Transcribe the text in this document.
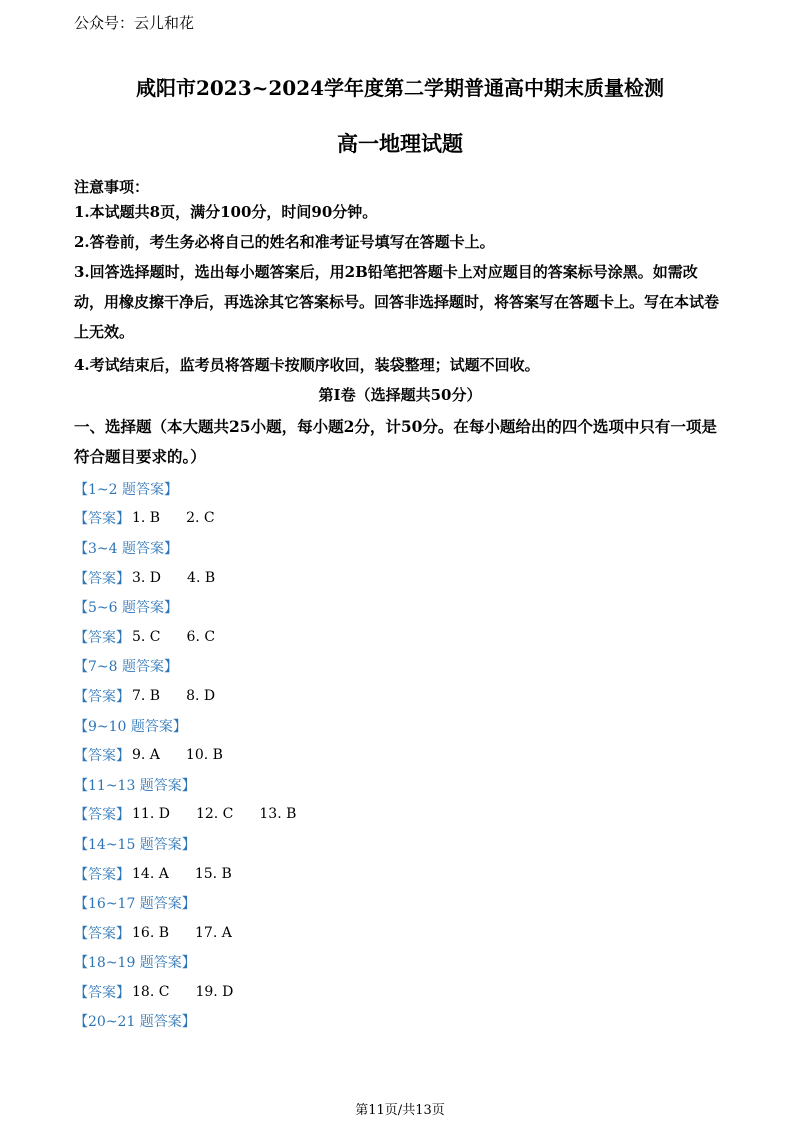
公众号：云儿和花
咸阳市2023~2024学年度第二学期普通高中期末质量检测
高一地理试题
注意事项：
1.本试题共8页，满分100分，时间90分钟。
2.答卷前，考生务必将自己的姓名和准考证号填写在答题卡上。
3.回答选择题时，选出每小题答案后，用2B铅笔把答题卡上对应题目的答案标号涂黑。如需改动，用橡皮擦干净后，再选涂其它答案标号。回答非选择题时，将答案写在答题卡上。写在本试卷上无效。
4.考试结束后，监考员将答题卡按顺序收回，装袋整理；试题不回收。
第Ⅰ卷（选择题共50分）
一、选择题（本大题共25小题，每小题2分，计50分。在每小题给出的四个选项中只有一项是符合题目要求的。）
【1~2 题答案】
【答案】 1. B 2. C
【3~4 题答案】
【答案】 3. D 4. B
【5~6 题答案】
【答案】 5. C 6. C
【7~8 题答案】
【答案】 7. B 8. D
【9~10 题答案】
【答案】 9. A 10. B
【11~13 题答案】
【答案】 11. D 12. C 13. B
【14~15 题答案】
【答案】 14. A 15. B
【16~17 题答案】
【答案】 16. B 17. A
【18~19 题答案】
【答案】 18. C 19. D
【20~21 题答案】
第11页/共13页
